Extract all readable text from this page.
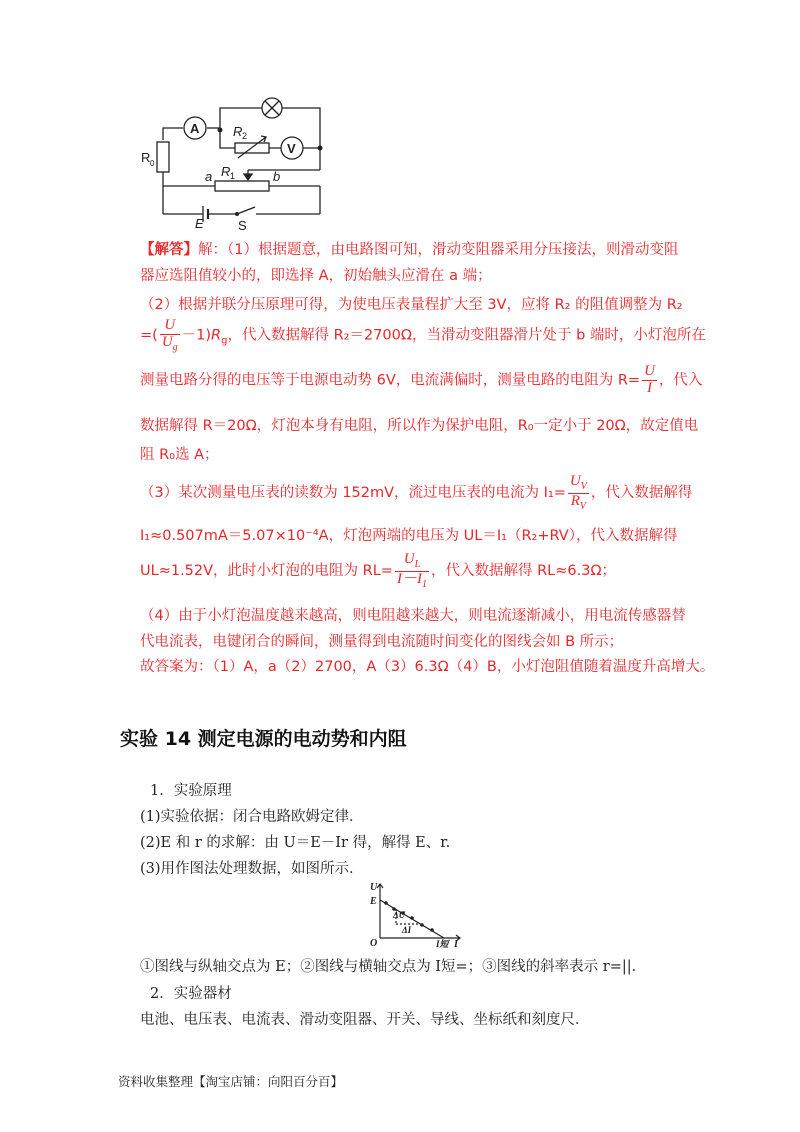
A
V
R 2
R 0
R 1
a	b
E	S
【解答】解：（1）根据题意，由电路图可知，滑动变阻器采用分压接法，则滑动变阻
器应选阻值较小的，即选择 A，初始触头应滑在 a 端；
（2）根据并联分压原理可得，为使电压表量程扩大至 3V，应将 R₂ 的阻值调整为 R₂
=( $\frac{U}{U_g} -1)R_g$，代入数据解得 R₂＝2700Ω，当滑动变阻器滑片处于 b 端时，小灯泡所在
测量电路分得的电压等于电源电动势 6V，电流满偏时，测量电路的电阻为 $R= \frac{U}{I}$ ，代入
数据解得 R＝20Ω，灯泡本身有电阻，所以作为保护电阻，R₀一定小于 20Ω，故定值电
阻 R₀选 A；
（3）某次测量电压表的读数为 152mV，流过电压表的电流为 $I_1= \frac{U_V}{R_V}$ ，代入数据解得
I₁≈0.507mA＝5.07×10⁻⁴A，灯泡两端的电压为 UL＝I₁（R₂+RV），代入数据解得
UL≈1.52V，此时小灯泡的电阻为 $RL= \frac{U_L}{I-I_1}$ ，代入数据解得 RL≈6.3Ω；
（4）由于小灯泡温度越来越高，则电阻越来越大，则电流逐渐减小，用电流传感器替
代电流表，电键闭合的瞬间，测量得到电流随时间变化的图线会如 B 所示；
故答案为：（1）A，a（2）2700，A（3）6.3Ω（4）B，小灯泡阻值随着温度升高增大。
实验 14 测定电源的电动势和内阻
1．实验原理
(1)实验依据：闭合电路欧姆定律．
(2)E 和 r 的求解：由 U＝E－Ir 得，解得 E、r.
(3)用作图法处理数据，如图所示．
U
E
ΔU
ΔI
O	I短 I
①图线与纵轴交点为 E；②图线与横轴交点为 I短=；③图线的斜率表示 r=||.
2．实验器材
电池、电压表、电流表、滑动变阻器、开关、导线、坐标纸和刻度尺．
资料收集整理【淘宝店铺：向阳百分百】
